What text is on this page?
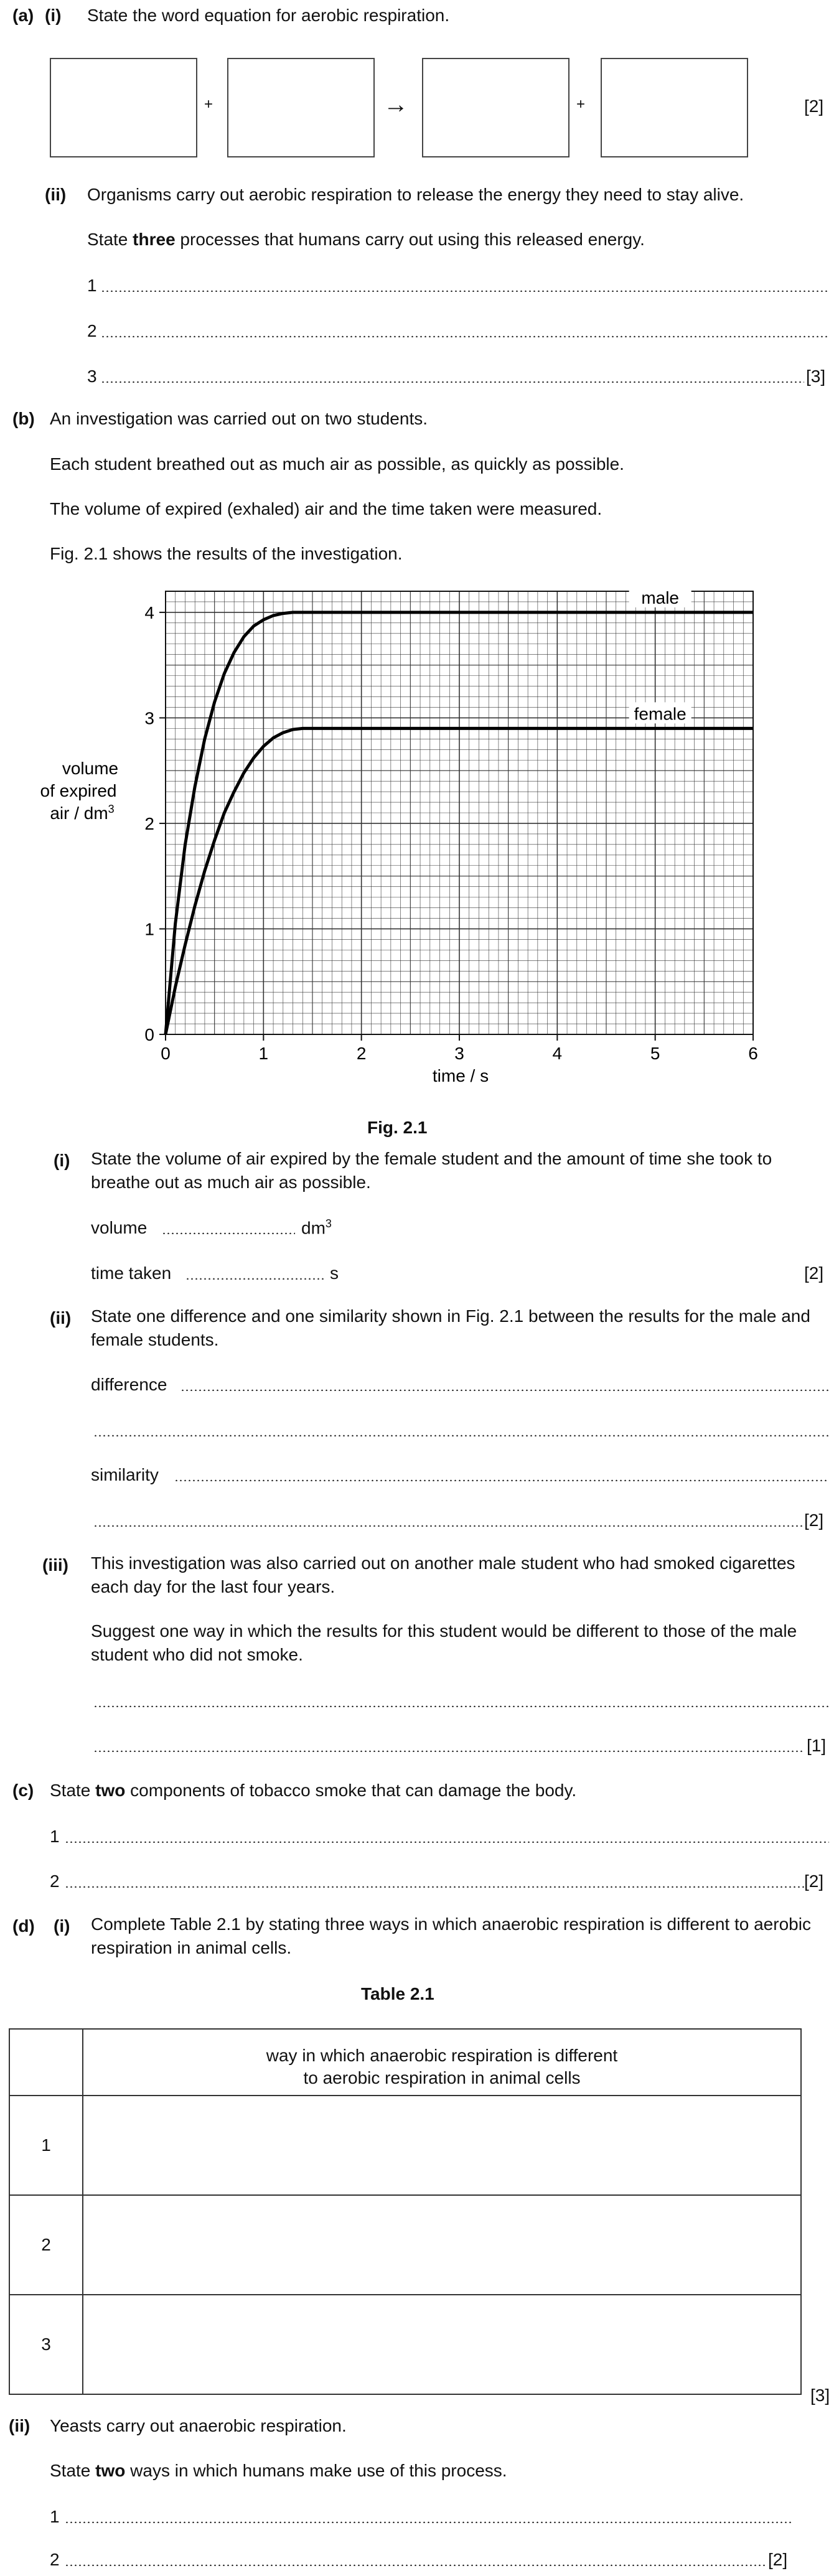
(a) (i) State the word equation for aerobic respiration.
+	→	+	[2]
(ii) Organisms carry out aerobic respiration to release the energy they need to stay alive.
State three processes that humans carry out using this released energy.
1
2
3	[3]
(b) An investigation was carried out on two students.
Each student breathed out as much air as possible, as quickly as possible.
The volume of expired (exhaled) air and the time taken were measured.
Fig. 2.1 shows the results of the investigation.
0	1	2	3	4	5	6
0
1
2
3
4
male
female
volume
of expired
air / $dm^3$
time / s
Fig. 2.1
(i) State the volume of air expired by the female student and the amount of time she took to breathe out as much air as possible.
volume	$dm^3$
time taken	s	[2]
(ii) State one difference and one similarity shown in Fig. 2.1 between the results for the male and female students.
difference
similarity
[2]
(iii) This investigation was also carried out on another male student who had smoked cigarettes each day for the last four years.
Suggest one way in which the results for this student would be different to those of the male student who did not smoke.
[1]
(c) State two components of tobacco smoke that can damage the body.
1
2	[2]
(d) (i) Complete Table 2.1 by stating three ways in which anaerobic respiration is different to aerobic respiration in animal cells.
Table 2.1

	way in which anaerobic respiration is different
to aerobic respiration in animal cells

1	
2	
3	
[3]
(ii) Yeasts carry out anaerobic respiration.
State two ways in which humans make use of this process.
1
2	[2]
